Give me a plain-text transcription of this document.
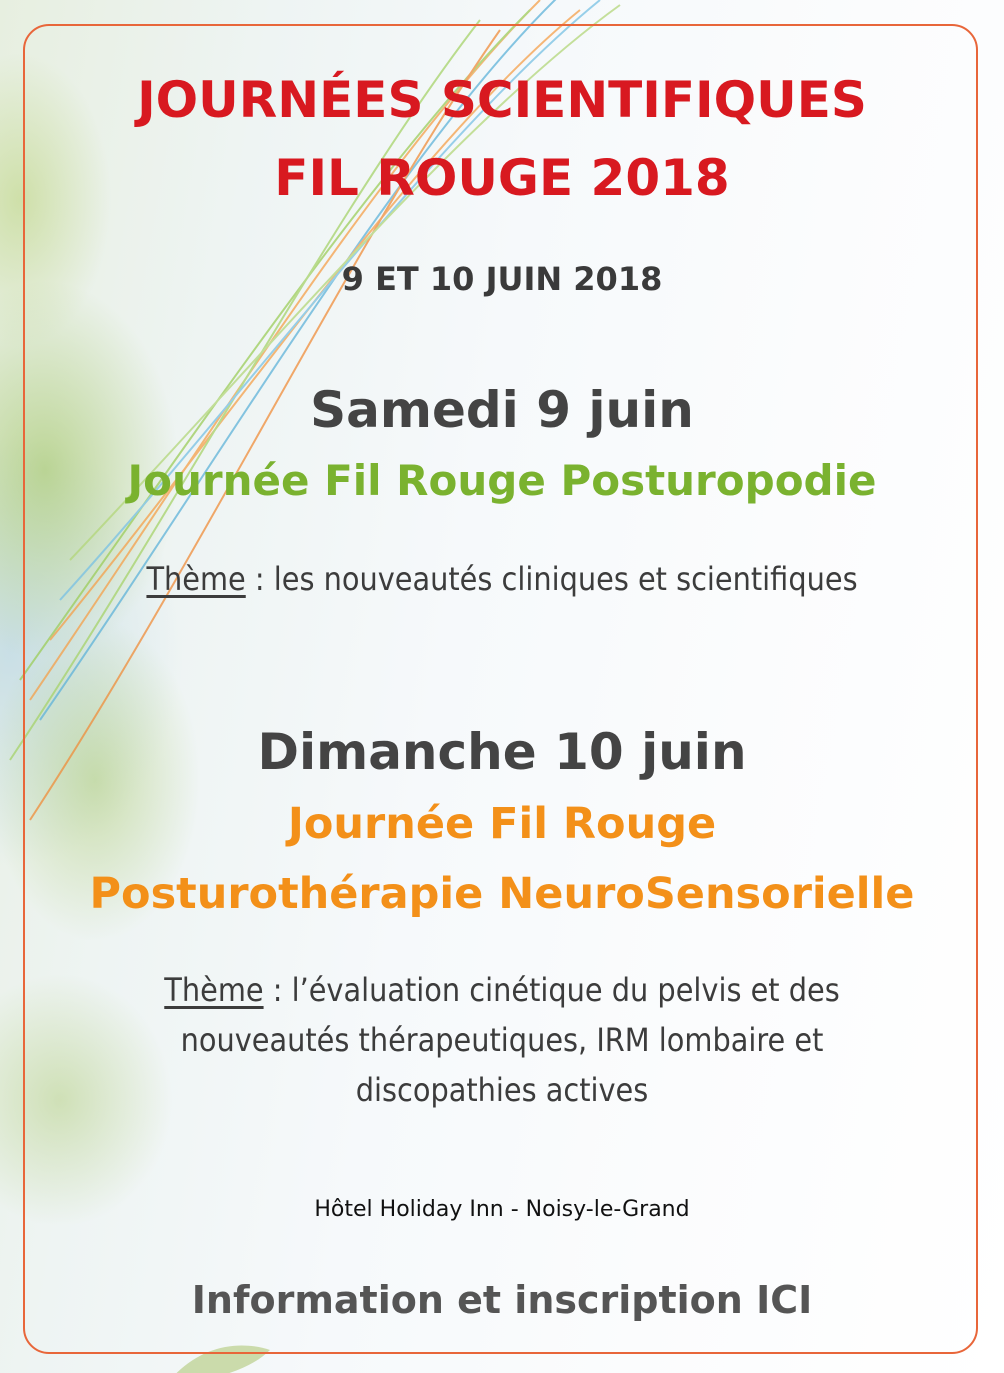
JOURNÉES SCIENTIFIQUES
FIL ROUGE 2018

9 ET 10 JUIN 2018

Samedi 9 juin
Journée Fil Rouge Posturopodie

Thème : les nouveautés cliniques et scientifiques

Dimanche 10 juin
Journée Fil Rouge
Posturothérapie NeuroSensorielle

Thème : l’évaluation cinétique du pelvis et des

nouveautés thérapeutiques, IRM lombaire et

discopathies actives

Hôtel Holiday Inn - Noisy-le-Grand

Information et inscription ICI
